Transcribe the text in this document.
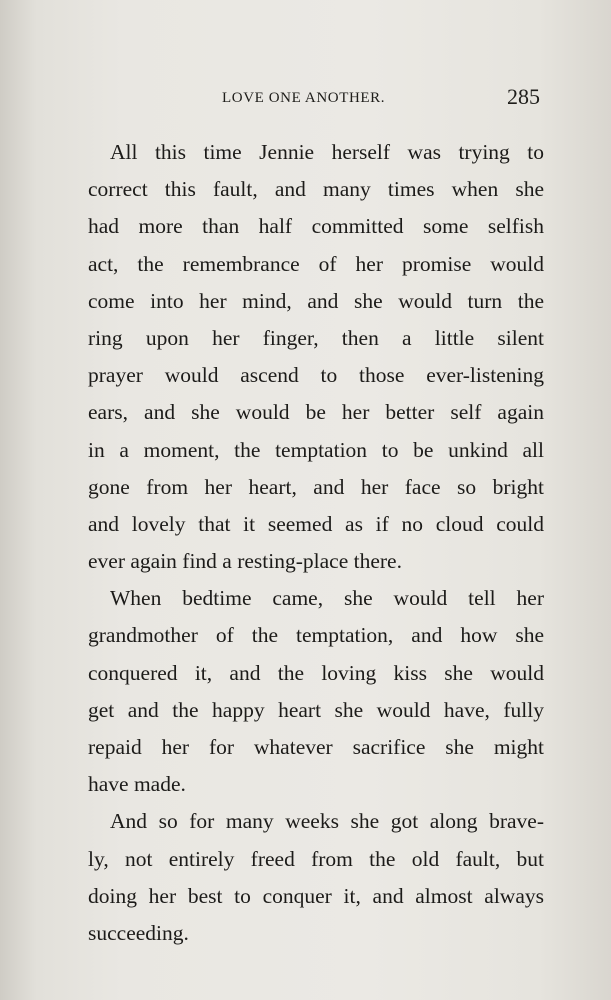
LOVE ONE ANOTHER.	285
All this time Jennie herself was trying to
correct this fault, and many times when she
had more than half committed some selfish
act, the remembrance of her promise would
come into her mind, and she would turn the
ring upon her finger, then a little silent
prayer would ascend to those ever-listening
ears, and she would be her better self again
in a moment, the temptation to be unkind all
gone from her heart, and her face so bright
and lovely that it seemed as if no cloud could
ever again find a resting-place there.
When bedtime came, she would tell her
grandmother of the temptation, and how she
conquered it, and the loving kiss she would
get and the happy heart she would have, fully
repaid her for whatever sacrifice she might
have made.
And so for many weeks she got along brave-
ly, not entirely freed from the old fault, but
doing her best to conquer it, and almost always
succeeding.
